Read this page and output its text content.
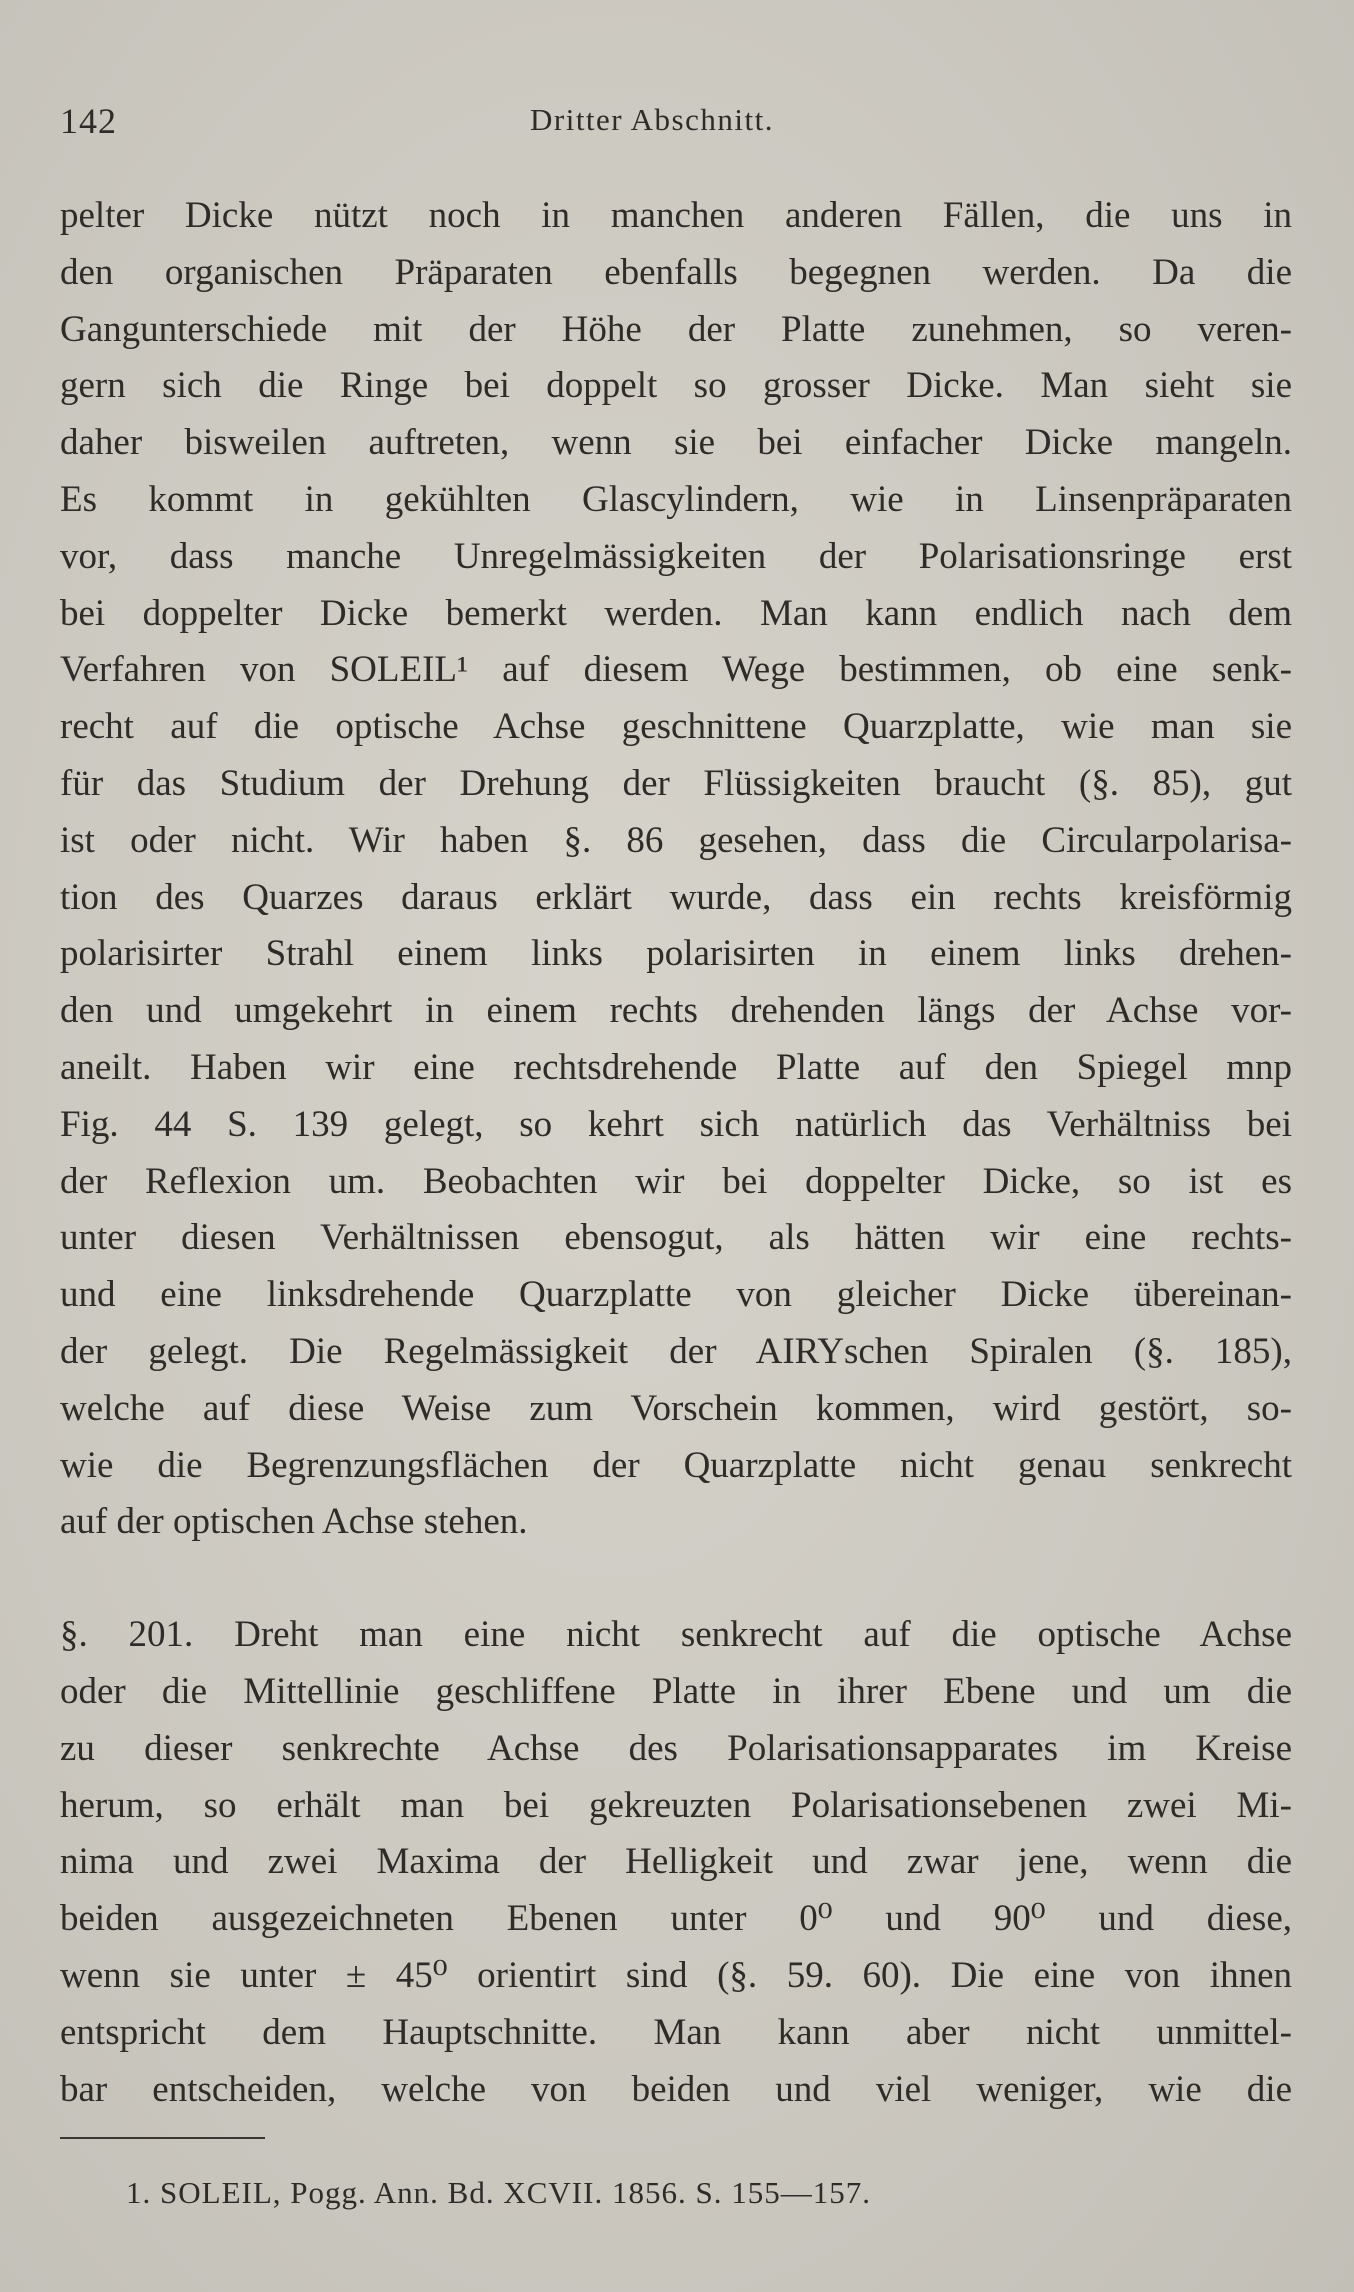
142	Dritter Abschnitt.
pelter Dicke nützt noch in manchen anderen Fällen, die uns in
den organischen Präparaten ebenfalls begegnen werden. Da die
Gangunterschiede mit der Höhe der Platte zunehmen, so veren-
gern sich die Ringe bei doppelt so grosser Dicke. Man sieht sie
daher bisweilen auftreten, wenn sie bei einfacher Dicke mangeln.
Es kommt in gekühlten Glascylindern, wie in Linsenpräparaten
vor, dass manche Unregelmässigkeiten der Polarisationsringe erst
bei doppelter Dicke bemerkt werden. Man kann endlich nach dem
Verfahren von SOLEIL¹ auf diesem Wege bestimmen, ob eine senk-
recht auf die optische Achse geschnittene Quarzplatte, wie man sie
für das Studium der Drehung der Flüssigkeiten braucht (§. 85), gut
ist oder nicht. Wir haben §. 86 gesehen, dass die Circularpolarisa-
tion des Quarzes daraus erklärt wurde, dass ein rechts kreisförmig
polarisirter Strahl einem links polarisirten in einem links drehen-
den und umgekehrt in einem rechts drehenden längs der Achse vor-
aneilt. Haben wir eine rechtsdrehende Platte auf den Spiegel mnp
Fig. 44 S. 139 gelegt, so kehrt sich natürlich das Verhältniss bei
der Reflexion um. Beobachten wir bei doppelter Dicke, so ist es
unter diesen Verhältnissen ebensogut, als hätten wir eine rechts-
und eine linksdrehende Quarzplatte von gleicher Dicke übereinan-
der gelegt. Die Regelmässigkeit der AIRYschen Spiralen (§. 185),
welche auf diese Weise zum Vorschein kommen, wird gestört, so-
wie die Begrenzungsflächen der Quarzplatte nicht genau senkrecht
auf der optischen Achse stehen.
§. 201. Dreht man eine nicht senkrecht auf die optische Achse
oder die Mittellinie geschliffene Platte in ihrer Ebene und um die
zu dieser senkrechte Achse des Polarisationsapparates im Kreise
herum, so erhält man bei gekreuzten Polarisationsebenen zwei Mi-
nima und zwei Maxima der Helligkeit und zwar jene, wenn die
beiden ausgezeichneten Ebenen unter 0⁰ und 90⁰ und diese,
wenn sie unter ± 45⁰ orientirt sind (§. 59. 60). Die eine von ihnen
entspricht dem Hauptschnitte. Man kann aber nicht unmittel-
bar entscheiden, welche von beiden und viel weniger, wie die
1. SOLEIL, Pogg. Ann. Bd. XCVII. 1856. S. 155—157.
